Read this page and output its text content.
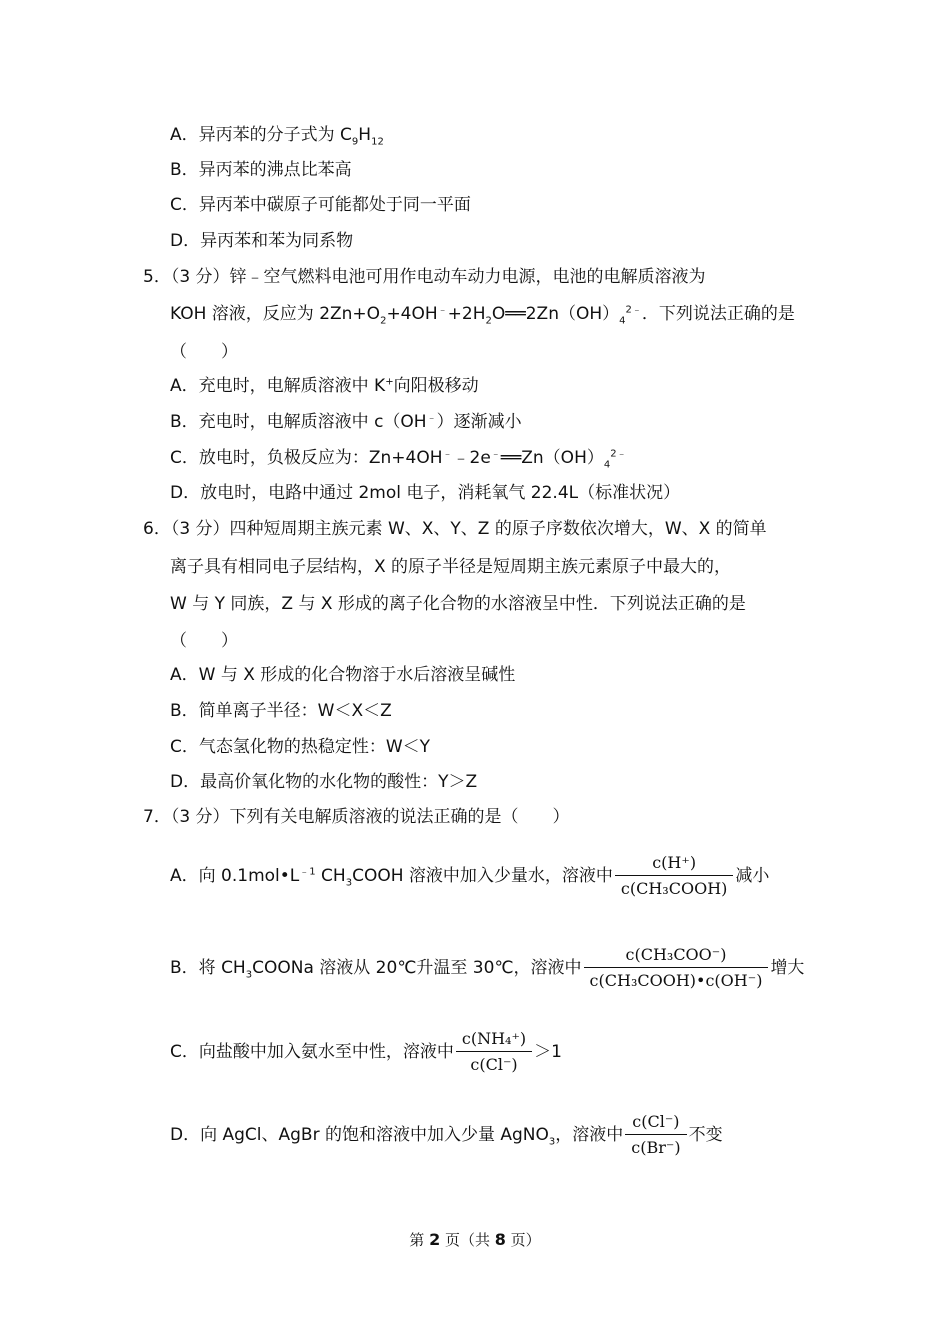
A．异丙苯的分子式为 $C_9H_{12}$
B．异丙苯的沸点比苯高
C．异丙苯中碳原子可能都处于同一平面
D．异丙苯和苯为同系物
5．（3 分）锌﹣空气燃料电池可用作电动车动力电源，电池的电解质溶液为
KOH 溶液，反应为 $2Zn+O_2+4OH^﹣+2H_2O══2Zn(OH)_4^{2﹣}$．下列说法正确的是
（　　）
A．充电时，电解质溶液中 K+向阳极移动
B．充电时，电解质溶液中 c（OH﹣）逐渐减小
C．放电时，负极反应为：$Zn+4OH^﹣﹣2e^﹣══Zn(OH)_4^{2﹣}$
D．放电时，电路中通过 2mol 电子，消耗氧气 22.4L（标准状况）
6．（3 分）四种短周期主族元素 W、X、Y、Z 的原子序数依次增大，W、X 的简单
离子具有相同电子层结构，X 的原子半径是短周期主族元素原子中最大的，
W 与 Y 同族，Z 与 X 形成的离子化合物的水溶液呈中性．下列说法正确的是
（　　）
A．W 与 X 形成的化合物溶于水后溶液呈碱性
B．简单离子半径：W＜X＜Z
C．气态氢化物的热稳定性：W＜Y
D．最高价氧化物的水化物的酸性：Y＞Z
7．（3 分）下列有关电解质溶液的说法正确的是（　　）
A．向 $0.1mol•L^{﹣1}$ $CH_3COOH$ 溶液中加入少量水，溶液中 $\frac{c(H^+)}{\text{c(CH₃COOH)}}$ 减小
B．将 $CH_3COONa$ 溶液从 20℃升温至 30℃，溶液中 $\frac{\text{c(CH₃COO⁻)}}{\text{c(CH₃COOH)•c(OH⁻)}}$ 增大
C．向盐酸中加入氨水至中性，溶液中 $\frac{\text{c(NH₄⁺)}}{c(Cl^-)} >1$
D．向 AgCl、AgBr 的饱和溶液中加入少量 AgNO$_3$，溶液中 $\frac{c(Cl^-)}{c(Br^-)}$ 不变
第 2 页（共 8 页）
